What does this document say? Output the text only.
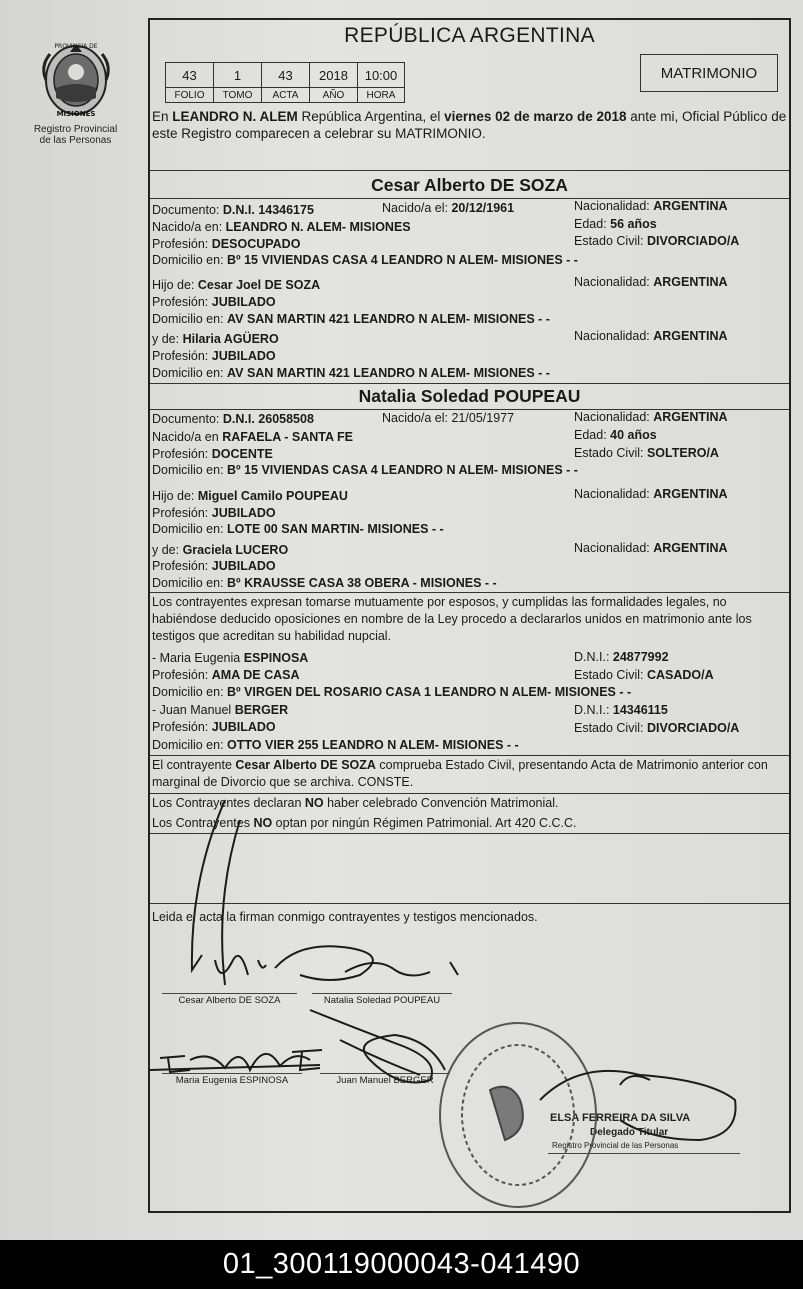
PROVINCIA DE
MISIONES
Registro Provincial
de las Personas
REPÚBLICA ARGENTINA
43	1	43	2018	10:00
FOLIO	TOMO	ACTA	AÑO	HORA
MATRIMONIO
En LEANDRO N. ALEM República Argentina, el viernes 02 de marzo de 2018 ante mi, Oficial Público de este Registro comparecen a celebrar su MATRIMONIO.
Cesar Alberto DE SOZA
Documento: D.N.I. 14346175	Nacido/a el: 20/12/1961	Nacionalidad: ARGENTINA
Nacido/a en: LEANDRO N. ALEM- MISIONES	Edad: 56 años
Profesión: DESOCUPADO	Estado Civil: DIVORCIADO/A
Domicilio en: Bº 15 VIVIENDAS CASA 4 LEANDRO N ALEM- MISIONES - -
Hijo de: Cesar Joel DE SOZA	Nacionalidad: ARGENTINA
Profesión: JUBILADO
Domicilio en: AV SAN MARTIN 421 LEANDRO N ALEM- MISIONES - -
y de: Hilaria AGÜERO	Nacionalidad: ARGENTINA
Profesión: JUBILADO
Domicilio en: AV SAN MARTIN 421 LEANDRO N ALEM- MISIONES - -
Natalia Soledad POUPEAU
Documento: D.N.I. 26058508	Nacido/a el: 21/05/1977	Nacionalidad: ARGENTINA
Nacido/a en RAFAELA - SANTA FE	Edad: 40 años
Profesión: DOCENTE	Estado Civil: SOLTERO/A
Domicilio en: Bº 15 VIVIENDAS CASA 4 LEANDRO N ALEM- MISIONES - -
Hijo de: Miguel Camilo POUPEAU	Nacionalidad: ARGENTINA
Profesión: JUBILADO
Domicilio en: LOTE 00 SAN MARTIN- MISIONES - -
y de: Graciela LUCERO	Nacionalidad: ARGENTINA
Profesión: JUBILADO
Domicilio en: Bº KRAUSSE CASA 38 OBERA - MISIONES - -
Los contrayentes expresan tomarse mutuamente por esposos, y cumplidas las formalidades legales, no habiéndose deducido oposiciones en nombre de la Ley procedo a declararlos unidos en matrimonio ante los testigos que acreditan su habilidad nupcial.
- Maria Eugenia ESPINOSA	D.N.I.: 24877992
Profesión: AMA DE CASA	Estado Civil: CASADO/A
Domicilio en: Bº VIRGEN DEL ROSARIO CASA 1 LEANDRO N ALEM- MISIONES - -
- Juan Manuel BERGER	D.N.I.: 14346115
Profesión: JUBILADO	Estado Civil: DIVORCIADO/A
Domicilio en: OTTO VIER 255 LEANDRO N ALEM- MISIONES - -
El contrayente Cesar Alberto DE SOZA comprueba Estado Civil, presentando Acta de Matrimonio anterior con marginal de Divorcio que se archiva. CONSTE.
Los Contrayentes declaran NO haber celebrado Convención Matrimonial.
Los Contrayentes NO optan por ningún Régimen Patrimonial. Art 420 C.C.C.
Leida el acta la firman conmigo contrayentes y testigos mencionados.
Cesar Alberto DE SOZA	Natalia Soledad POUPEAU
Maria Eugenia ESPINOSA	Juan Manuel BERGER
ELSA FERREIRA DA SILVA
Delegado Titular
Registro Provincial de las Personas
01_300119000043-041490
